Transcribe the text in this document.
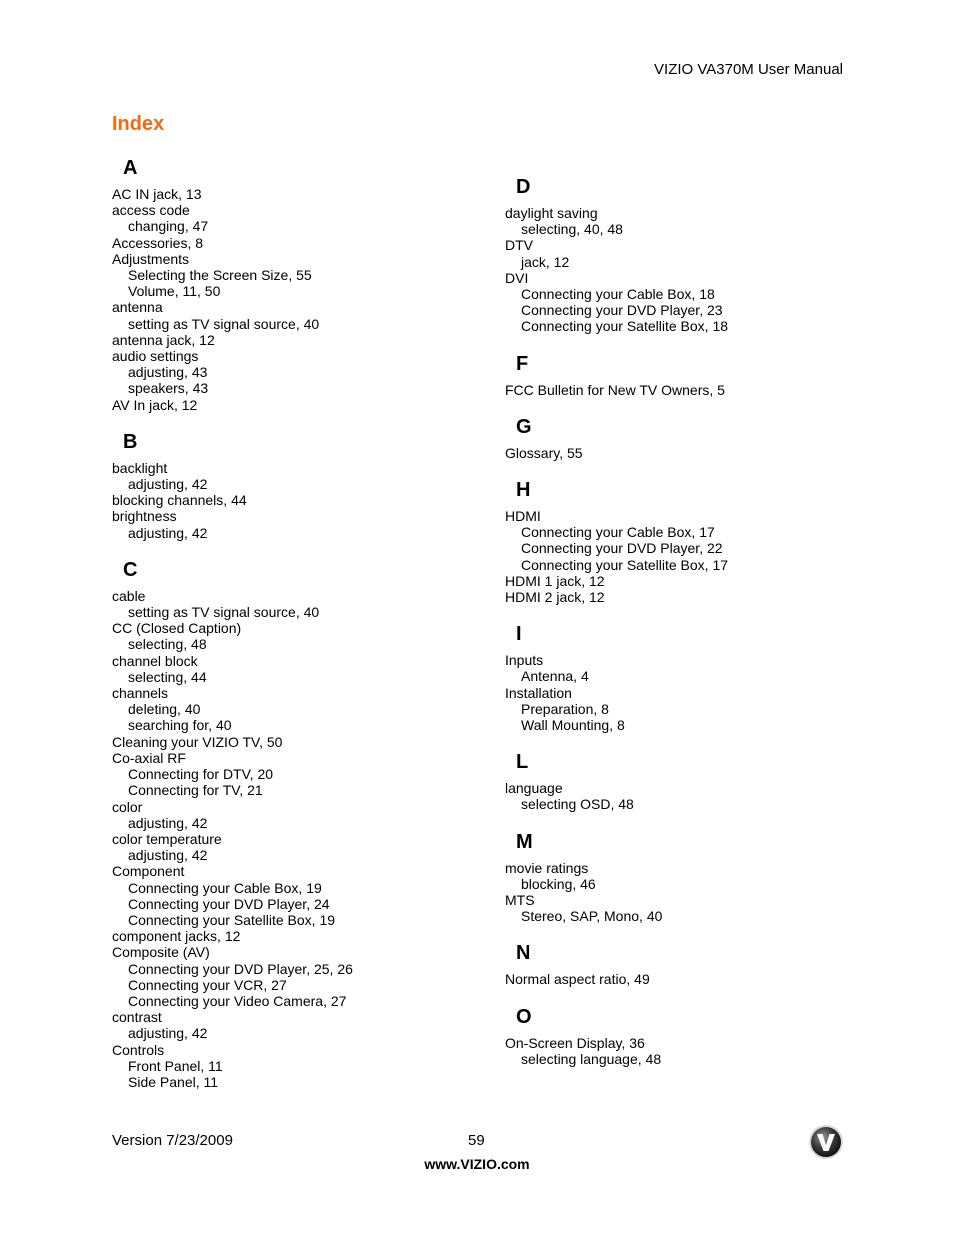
VIZIO VA370M User Manual
Index
A
AC IN jack, 13
access code
changing, 47
Accessories, 8
Adjustments
Selecting the Screen Size, 55
Volume, 11, 50
antenna
setting as TV signal source, 40
antenna jack, 12
audio settings
adjusting, 43
speakers, 43
AV In jack, 12
B
backlight
adjusting, 42
blocking channels, 44
brightness
adjusting, 42
C
cable
setting as TV signal source, 40
CC (Closed Caption)
selecting, 48
channel block
selecting, 44
channels
deleting, 40
searching for, 40
Cleaning your VIZIO TV, 50
Co-axial RF
Connecting for DTV, 20
Connecting for TV, 21
color
adjusting, 42
color temperature
adjusting, 42
Component
Connecting your Cable Box, 19
Connecting your DVD Player, 24
Connecting your Satellite Box, 19
component jacks, 12
Composite (AV)
Connecting your DVD Player, 25, 26
Connecting your VCR, 27
Connecting your Video Camera, 27
contrast
adjusting, 42
Controls
Front Panel, 11
Side Panel, 11
D
daylight saving
selecting, 40, 48
DTV
jack, 12
DVI
Connecting your Cable Box, 18
Connecting your DVD Player, 23
Connecting your Satellite Box, 18
F
FCC Bulletin for New TV Owners, 5
G
Glossary, 55
H
HDMI
Connecting your Cable Box, 17
Connecting your DVD Player, 22
Connecting your Satellite Box, 17
HDMI 1 jack, 12
HDMI 2 jack, 12
I
Inputs
Antenna, 4
Installation
Preparation, 8
Wall Mounting, 8
L
language
selecting OSD, 48
M
movie ratings
blocking, 46
MTS
Stereo, SAP, Mono, 40
N
Normal aspect ratio, 49
O
On-Screen Display, 36
selecting language, 48
Version 7/23/2009	59
www.VIZIO.com
